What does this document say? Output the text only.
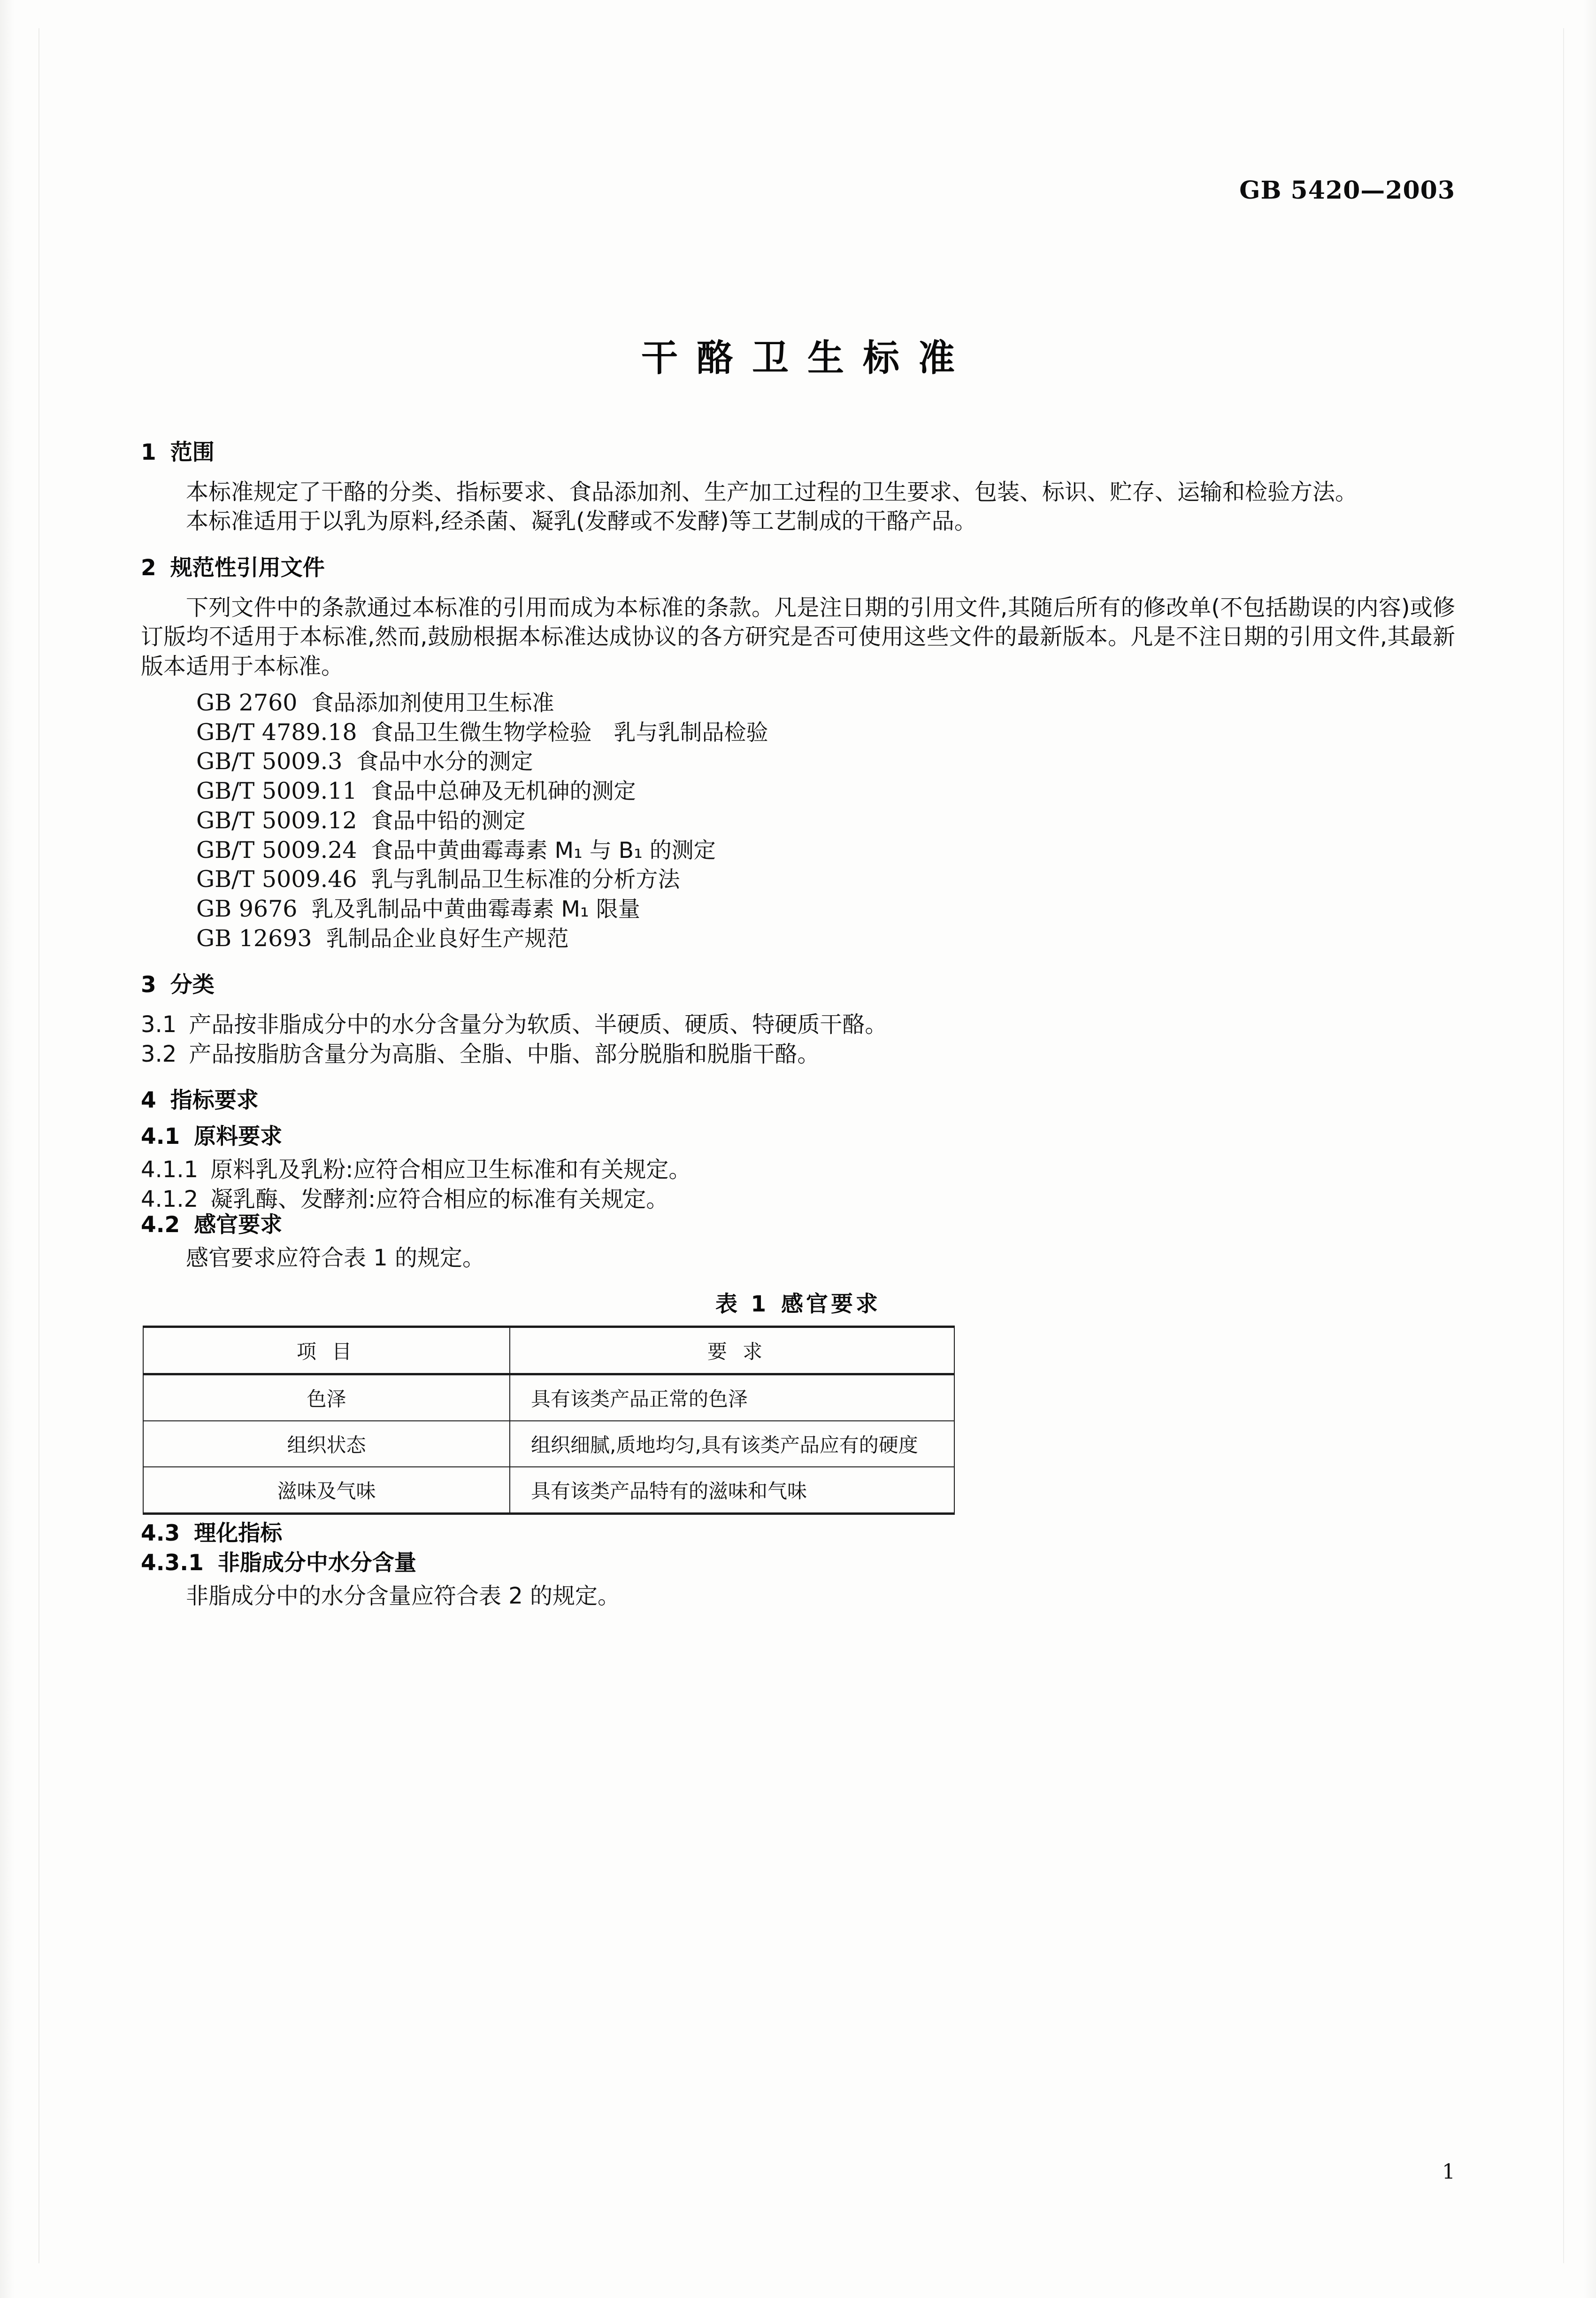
GB 5420—2003
干酪卫生标准

1 范围

本标准规定了干酪的分类、指标要求、食品添加剂、生产加工过程的卫生要求、包装、标识、贮存、运输和检验方法。

本标准适用于以乳为原料,经杀菌、凝乳(发酵或不发酵)等工艺制成的干酪产品。

2 规范性引用文件

下列文件中的条款通过本标准的引用而成为本标准的条款。凡是注日期的引用文件,其随后所有的修改单(不包括勘误的内容)或修订版均不适用于本标准,然而,鼓励根据本标准达成协议的各方研究是否可使用这些文件的最新版本。凡是不注日期的引用文件,其最新版本适用于本标准。

GB 2760 食品添加剂使用卫生标准

GB/T 4789.18 食品卫生微生物学检验　乳与乳制品检验

GB/T 5009.3 食品中水分的测定

GB/T 5009.11 食品中总砷及无机砷的测定

GB/T 5009.12 食品中铅的测定

GB/T 5009.24 食品中黄曲霉毒素 M₁ 与 B₁ 的测定

GB/T 5009.46 乳与乳制品卫生标准的分析方法

GB 9676 乳及乳制品中黄曲霉毒素 M₁ 限量

GB 12693 乳制品企业良好生产规范

3 分类

3.1 产品按非脂成分中的水分含量分为软质、半硬质、硬质、特硬质干酪。

3.2 产品按脂肪含量分为高脂、全脂、中脂、部分脱脂和脱脂干酪。

4 指标要求

4.1 原料要求

4.1.1 原料乳及乳粉:应符合相应卫生标准和有关规定。

4.1.2 凝乳酶、发酵剂:应符合相应的标准有关规定。

4.2 感官要求

感官要求应符合表 1 的规定。

表 1 感官要求

项 目	要 求
色泽	具有该类产品正常的色泽
组织状态	组织细腻,质地均匀,具有该类产品应有的硬度
滋味及气味	具有该类产品特有的滋味和气味

4.3 理化指标

4.3.1 非脂成分中水分含量

非脂成分中的水分含量应符合表 2 的规定。

1
